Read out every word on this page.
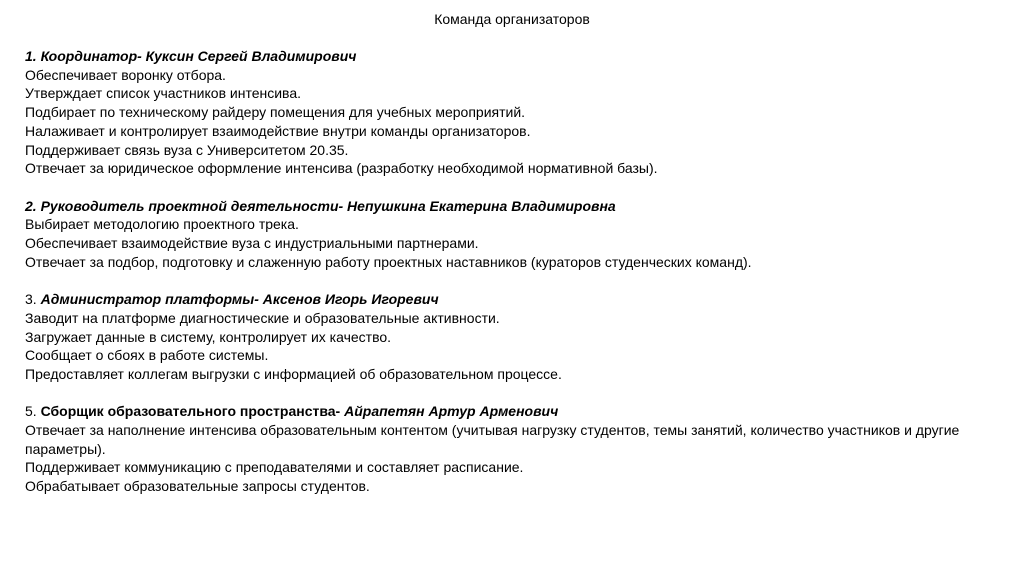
Команда организаторов
1. Координатор- Куксин Сергей Владимирович
Обеспечивает воронку отбора.
Утверждает список участников интенсива.
Подбирает по техническому райдеру помещения для учебных мероприятий.
Налаживает и контролирует взаимодействие внутри команды организаторов.
Поддерживает связь вуза с Университетом 20.35.
Отвечает за юридическое оформление интенсива (разработку необходимой нормативной базы).
2. Руководитель проектной деятельности- Непушкина Екатерина Владимировна
Выбирает методологию проектного трека.
Обеспечивает взаимодействие вуза с индустриальными партнерами.
Отвечает за подбор, подготовку и слаженную работу проектных наставников (кураторов студенческих команд).
3. Администратор платформы- Аксенов Игорь Игоревич
Заводит на платформе диагностические и образовательные активности.
Загружает данные в систему, контролирует их качество.
Сообщает о сбоях в работе системы.
Предоставляет коллегам выгрузки с информацией об образовательном процессе.
5. Сборщик образовательного пространства- Айрапетян Артур Арменович
Отвечает за наполнение интенсива образовательным контентом (учитывая нагрузку студентов, темы занятий, количество участников и другие параметры).
Поддерживает коммуникацию с преподавателями и составляет расписание.
Обрабатывает образовательные запросы студентов.
